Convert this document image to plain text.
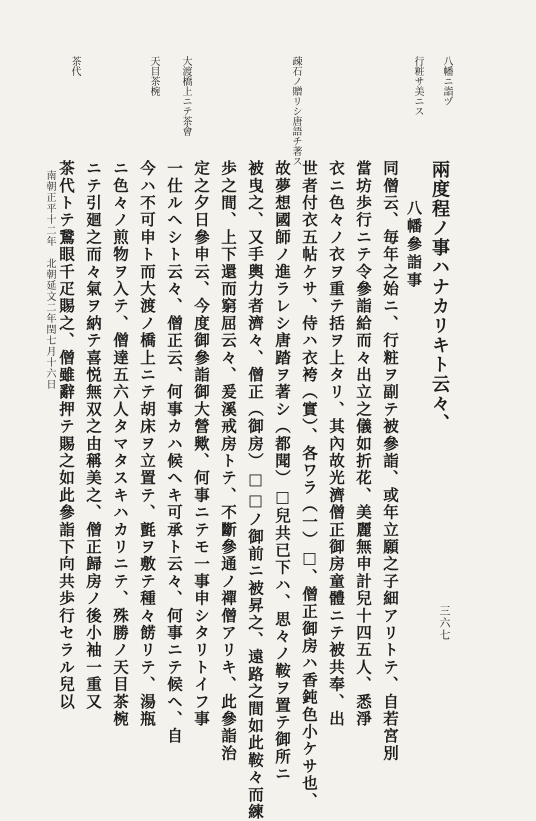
八幡ニ詣ヅ
行粧サ美ニス
疎石ノ贈リシ唐語チ著ス
大渡橋上ニテ茶會
天目茶椀
茶代
兩度程ノ事ハナカリキト云々、
八幡參詣事
同僧云、毎年之始ニ、行粧ヲ副テ被參詣、或年立願之子細アリトテ、自若宮別
當坊歩行ニテ令參詣給而々出立之儀如折花、美麗無申計兒十四五人、悉淨
衣ニ色々ノ衣ヲ重テ括ヲ上タリ、其內故光濟僧正御房童體ニテ被共奉、出
世者付衣五帖ケサ、侍ハ衣袴（實）、各ワラ（一）□、僧正御房ハ香鈍色小ケサ也、
故夢想國師ノ進ラレシ唐踏ヲ著シ（都聞）□兒共已下ハ、思々ノ鞍ヲ置テ御所ニ
被曳之、又手輿力者濟々、僧正（御房）□□ノ御前ニ被昇之、遠路之間如此鞍々而練
歩之間、上下還而窮屈云々、爰溪戒房トテ、不斷參通ノ禪僧アリキ、此參詣治
定之夕日參申云、今度御參詣御大營歟、何事ニテモ一事申シタリトイフ事
一仕ルヘシト云々、僧正云、何事カハ候ヘキ可承ト云々、何事ニテ候ヘ、自
今ハ不可申ト而大渡ノ橋上ニテ胡床ヲ立置テ、氈ヲ敷テ種々餝リテ、湯瓶
ニ色々ノ煎物ヲ入テ、僧達五六人タマタスキハカリニテ、殊勝ノ天目茶椀
ニテ引廻之而々氣ヲ納テ喜悦無双之由稱美之、僧正歸房ノ後小袖一重又
茶代トテ鵞眼千疋賜之、僧雖辭押テ賜之如此參詣下向共歩行セラル兒以
南朝正平十二年　北朝延文二年閏七月十六日
三六七
